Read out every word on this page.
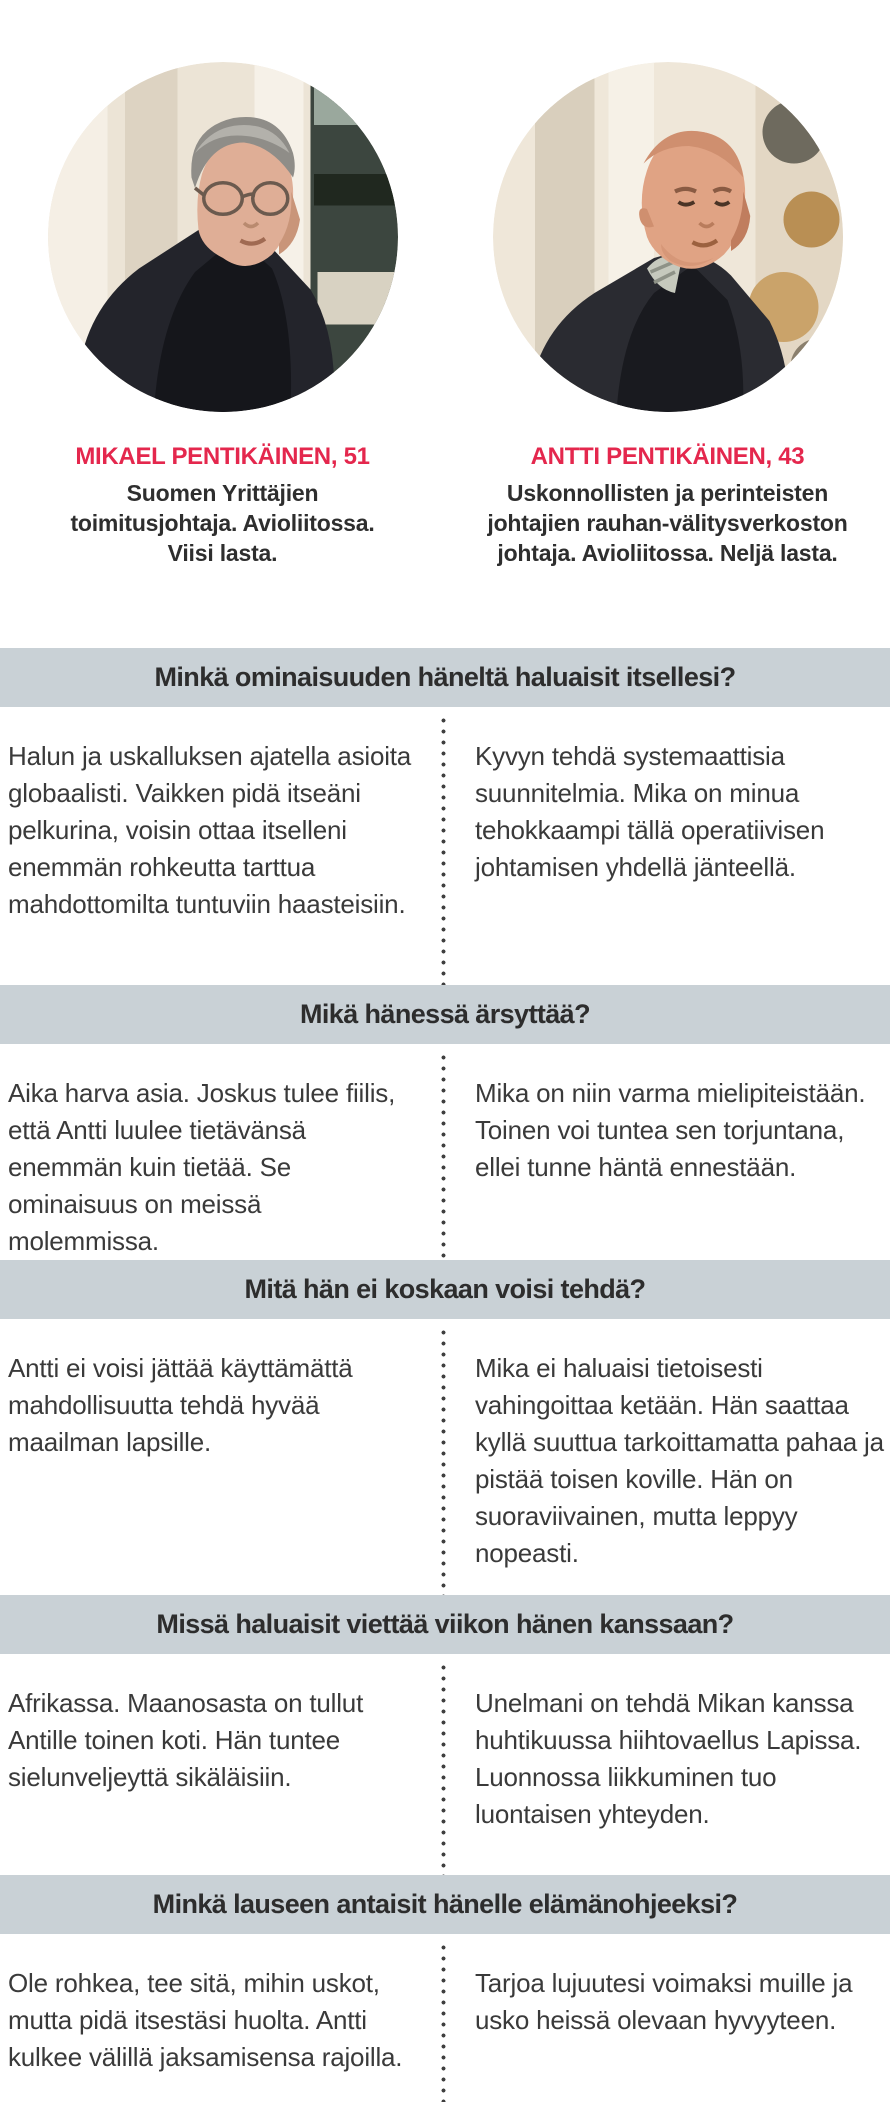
MIKAEL PENTIKÄINEN, 51
Suomen Yrittäjien toimitusjohtaja. Avioliitossa. Viisi lasta.
ANTTI PENTIKÄINEN, 43
Uskonnollisten ja perinteisten johtajien rauhan-välitysverkoston johtaja. Avioliitossa. Neljä lasta.
Minkä ominaisuuden häneltä haluaisit itsellesi?
Halun ja uskalluksen ajatella asioita globaalisti. Vaikken pidä itseäni pelkurina, voisin ottaa itselleni enemmän rohkeutta tarttua mahdottomilta tuntuviin haasteisiin.
Kyvyn tehdä systemaattisia suunnitelmia. Mika on minua tehokkaampi tällä operatiivisen johtamisen yhdellä jänteellä.
Mikä hänessä ärsyttää?
Aika harva asia. Joskus tulee fiilis, että Antti luulee tietävänsä enemmän kuin tietää. Se ominaisuus on meissä molemmissa.
Mika on niin varma mielipiteistään. Toinen voi tuntea sen torjuntana, ellei tunne häntä ennestään.
Mitä hän ei koskaan voisi tehdä?
Antti ei voisi jättää käyttämättä mahdollisuutta tehdä hyvää maailman lapsille.
Mika ei haluaisi tietoisesti vahingoittaa ketään. Hän saattaa kyllä suuttua tarkoittamatta pahaa ja pistää toisen koville. Hän on suoraviivainen, mutta leppyy nopeasti.
Missä haluaisit viettää viikon hänen kanssaan?
Afrikassa. Maanosasta on tullut Antille toinen koti. Hän tuntee sielunveljeyttä sikäläisiin.
Unelmani on tehdä Mikan kanssa huhtikuussa hiihtovaellus Lapissa. Luonnossa liikkuminen tuo luontaisen yhteyden.
Minkä lauseen antaisit hänelle elämänohjeeksi?
Ole rohkea, tee sitä, mihin uskot, mutta pidä itsestäsi huolta. Antti kulkee välillä jaksamisensa rajoilla.
Tarjoa lujuutesi voimaksi muille ja usko heissä olevaan hyvyyteen.
